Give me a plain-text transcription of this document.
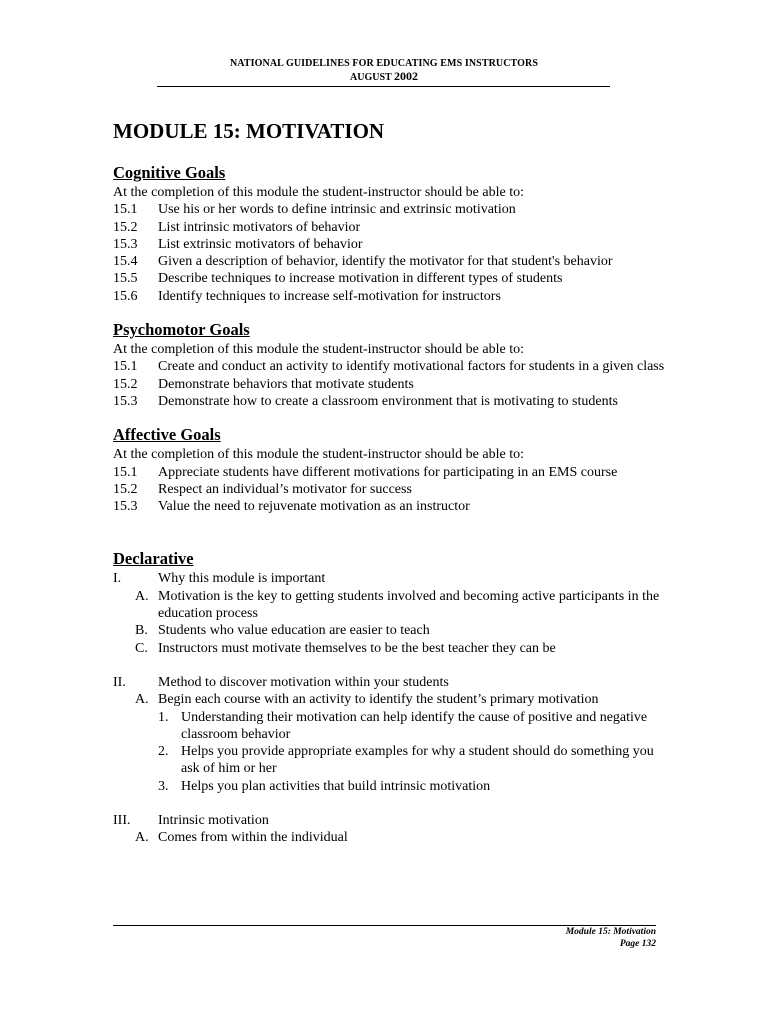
NATIONAL GUIDELINES FOR EDUCATING EMS INSTRUCTORS
AUGUST 2002
MODULE 15: MOTIVATION
Cognitive Goals
At the completion of this module the student-instructor should be able to:
15.1	Use his or her words to define intrinsic and extrinsic motivation
15.2	List intrinsic motivators of behavior
15.3	List extrinsic motivators of behavior
15.4	Given a description of behavior, identify the motivator for that student's behavior
15.5	Describe techniques to increase motivation in different types of students
15.6	Identify techniques to increase self-motivation for instructors
Psychomotor Goals
At the completion of this module the student-instructor should be able to:
15.1	Create and conduct an activity to identify motivational factors for students in a given class
15.2	Demonstrate behaviors that motivate students
15.3	Demonstrate how to create a classroom environment that is motivating to students
Affective Goals
At the completion of this module the student-instructor should be able to:
15.1	Appreciate students have different motivations for participating in an EMS course
15.2	Respect an individual’s motivator for success
15.3	Value the need to rejuvenate motivation as an instructor
Declarative
I.	Why this module is important
A. Motivation is the key to getting students involved and becoming active participants in the education process
B. Students who value education are easier to teach
C. Instructors must motivate themselves to be the best teacher they can be
II.	Method to discover motivation within your students
A. Begin each course with an activity to identify the student’s primary motivation
1. Understanding their motivation can help identify the cause of positive and negative classroom behavior
2. Helps you provide appropriate examples for why a student should do something you ask of him or her
3. Helps you plan activities that build intrinsic motivation
III.	Intrinsic motivation
A. Comes from within the individual
Module 15: Motivation
Page 132
